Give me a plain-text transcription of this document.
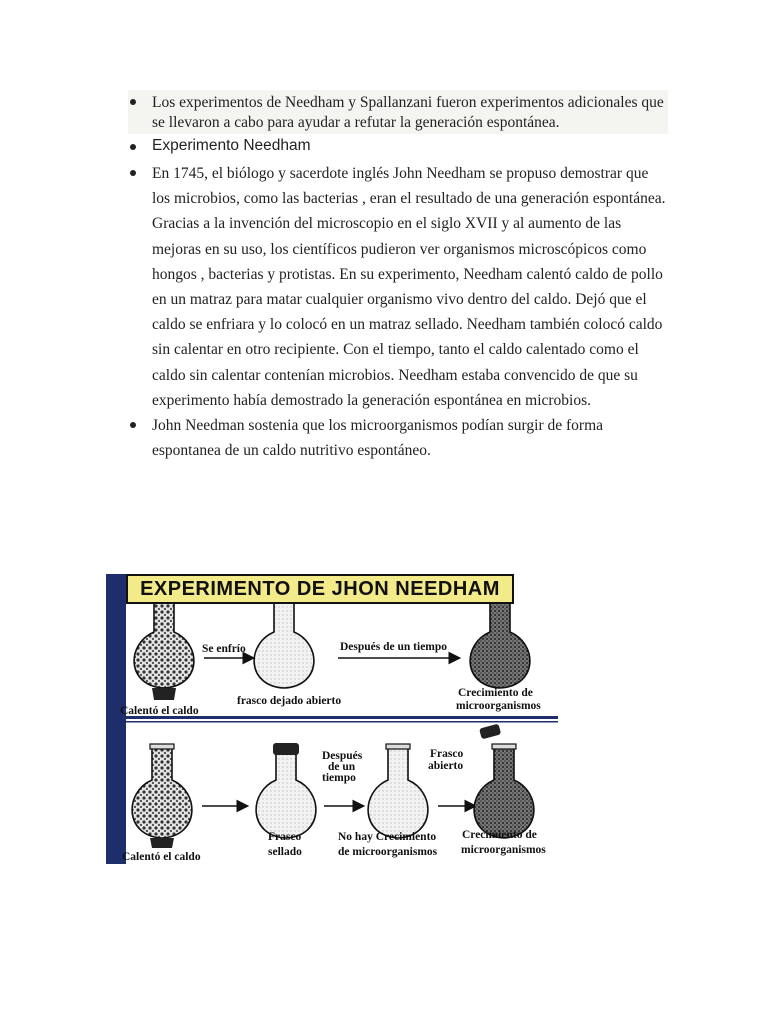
Los experimentos de Needham y Spallanzani fueron experimentos adicionales que se llevaron a cabo para ayudar a refutar la generación espontánea.
Experimento Needham
En 1745, el biólogo y sacerdote inglés John Needham se propuso demostrar que los microbios, como las bacterias , eran el resultado de una generación espontánea. Gracias a la invención del microscopio en el siglo XVII y al aumento de las mejoras en su uso, los científicos pudieron ver organismos microscópicos como hongos , bacterias y protistas. En su experimento, Needham calentó caldo de pollo en un matraz para matar cualquier organismo vivo dentro del caldo. Dejó que el caldo se enfriara y lo colocó en un matraz sellado. Needham también colocó caldo sin calentar en otro recipiente. Con el tiempo, tanto el caldo calentado como el caldo sin calentar contenían microbios. Needham estaba convencido de que su experimento había demostrado la generación espontánea en microbios.
John Needman sostenia que los microorganismos podían surgir de forma espontanea de un caldo nutritivo espontáneo.
Se enfrío	Después de un tiempo
Calentó el caldo
frasco dejado abierto
Crecimiento de
microorganismos
Después
de un
tiempo
Frasco
abierto
Calentó el caldo
Frasco
sellado
No hay Crecimiento
de microorganismos
Crecimiento de
microorganismos
EXPERIMENTO DE JHON NEEDHAM
